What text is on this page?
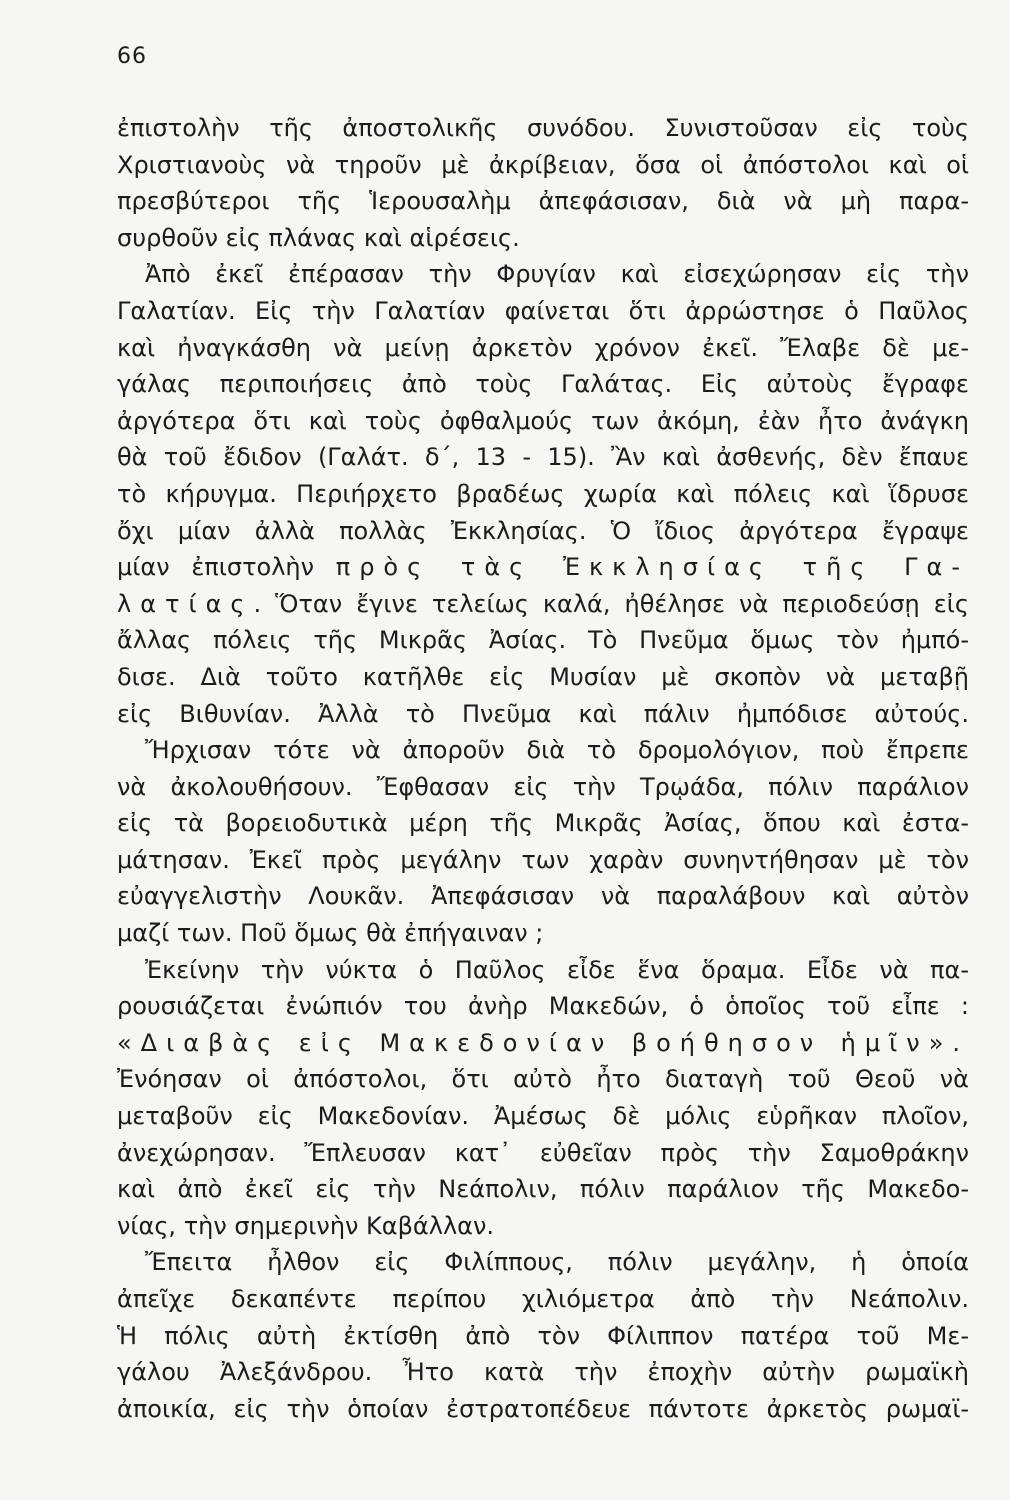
66
ἐπιστολὴν τῆς ἀποστολικῆς συνόδου. Συνιστοῦσαν εἰς τοὺς
Χριστιανοὺς νὰ τηροῦν μὲ ἀκρίβειαν, ὅσα οἱ ἀπόστολοι καὶ οἱ
πρεσβύτεροι τῆς Ἱερουσαλὴμ ἀπεφάσισαν, διὰ νὰ μὴ παρα-
συρθοῦν εἰς πλάνας καὶ αἱρέσεις.
Ἀπὸ ἐκεῖ ἐπέρασαν τὴν Φρυγίαν καὶ εἰσεχώρησαν εἰς τὴν
Γαλατίαν. Εἰς τὴν Γαλατίαν φαίνεται ὅτι ἀρρώστησε ὁ Παῦλος
καὶ ἠναγκάσθη νὰ μείνῃ ἀρκετὸν χρόνον ἐκεῖ. Ἔλαβε δὲ με-
γάλας περιποιήσεις ἀπὸ τοὺς Γαλάτας. Εἰς αὐτοὺς ἔγραφε
ἀργότερα ὅτι καὶ τοὺς ὀφθαλμούς των ἀκόμη, ἐὰν ἦτο ἀνάγκη
θὰ τοῦ ἔδιδον (Γαλάτ. δ΄, 13 - 15). Ἂν καὶ ἀσθενής, δὲν ἔπαυε
τὸ κήρυγμα. Περιήρχετο βραδέως χωρία καὶ πόλεις καὶ ἵδρυσε
ὄχι μίαν ἀλλὰ πολλὰς Ἐκκλησίας. Ὁ ἴδιος ἀργότερα ἔγραψε
μίαν ἐπιστολὴν πρὸς τὰς Ἐκκλησίας τῆς Γα-
λατίας. Ὅταν ἔγινε τελείως καλά, ἠθέλησε νὰ περιοδεύσῃ εἰς
ἄλλας πόλεις τῆς Μικρᾶς Ἀσίας. Τὸ Πνεῦμα ὅμως τὸν ἠμπό-
δισε. Διὰ τοῦτο κατῆλθε εἰς Μυσίαν μὲ σκοπὸν νὰ μεταβῇ
εἰς Βιθυνίαν. Ἀλλὰ τὸ Πνεῦμα καὶ πάλιν ἠμπόδισε αὐτούς.
Ἤρχισαν τότε νὰ ἀποροῦν διὰ τὸ δρομολόγιον, ποὺ ἔπρεπε
νὰ ἀκολουθήσουν. Ἔφθασαν εἰς τὴν Τρῳάδα, πόλιν παράλιον
εἰς τὰ βορειοδυτικὰ μέρη τῆς Μικρᾶς Ἀσίας, ὅπου καὶ ἐστα-
μάτησαν. Ἐκεῖ πρὸς μεγάλην των χαρὰν συνηντήθησαν μὲ τὸν
εὐαγγελιστὴν Λουκᾶν. Ἀπεφάσισαν νὰ παραλάβουν καὶ αὐτὸν
μαζί των. Ποῦ ὅμως θὰ ἐπήγαιναν ;
Ἐκείνην τὴν νύκτα ὁ Παῦλος εἶδε ἕνα ὅραμα. Εἶδε νὰ πα-
ρουσιάζεται ἐνώπιόν του ἀνὴρ Μακεδών, ὁ ὁποῖος τοῦ εἶπε :
«Διαβὰς εἰς Μακεδονίαν βοήθησον ἡμῖν».
Ἐνόησαν οἱ ἀπόστολοι, ὅτι αὐτὸ ἦτο διαταγὴ τοῦ Θεοῦ νὰ
μεταβοῦν εἰς Μακεδονίαν. Ἀμέσως δὲ μόλις εὑρῆκαν πλοῖον,
ἀνεχώρησαν. Ἔπλευσαν κατ᾿ εὐθεῖαν πρὸς τὴν Σαμοθράκην
καὶ ἀπὸ ἐκεῖ εἰς τὴν Νεάπολιν, πόλιν παράλιον τῆς Μακεδο-
νίας, τὴν σημερινὴν Καβάλλαν.
Ἔπειτα ἦλθον εἰς Φιλίππους, πόλιν μεγάλην, ἡ ὁποία
ἀπεῖχε δεκαπέντε περίπου χιλιόμετρα ἀπὸ τὴν Νεάπολιν.
Ἡ πόλις αὐτὴ ἐκτίσθη ἀπὸ τὸν Φίλιππον πατέρα τοῦ Με-
γάλου Ἀλεξάνδρου. Ἦτο κατὰ τὴν ἐποχὴν αὐτὴν ρωμαϊκὴ
ἀποικία, εἰς τὴν ὁποίαν ἐστρατοπέδευε πάντοτε ἀρκετὸς ρωμαϊ-
